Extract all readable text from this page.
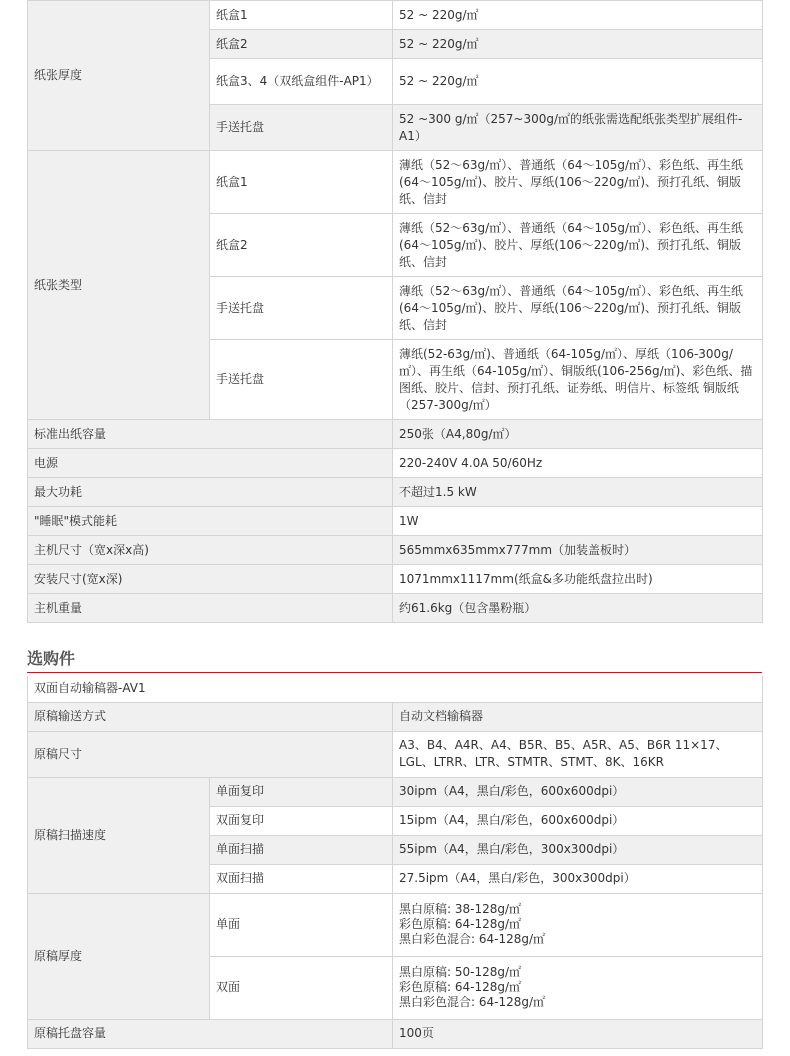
纸张厚度	纸盒1	52 ~ 220g/㎡
	纸盒2	52 ~ 220g/㎡
	纸盒3、4（双纸盒组件-AP1）	52 ~ 220g/㎡
	手送托盘	52 ~300 g/㎡（257~300g/㎡的纸张需选配纸张类型扩展组件-A1）
纸张类型	纸盒1	薄纸（52～63g/㎡）、普通纸（64～105g/㎡）、彩色纸、再生纸(64～105g/㎡)、胶片、厚纸(106～220g/㎡)、预打孔纸、铜版纸、信封
	纸盒2	薄纸（52～63g/㎡）、普通纸（64～105g/㎡）、彩色纸、再生纸(64～105g/㎡)、胶片、厚纸(106～220g/㎡)、预打孔纸、铜版纸、信封
	手送托盘	薄纸（52～63g/㎡）、普通纸（64～105g/㎡）、彩色纸、再生纸(64～105g/㎡)、胶片、厚纸(106～220g/㎡)、预打孔纸、铜版纸、信封
	手送托盘	薄纸(52-63g/㎡)、普通纸（64-105g/㎡）、厚纸（106-300g/㎡）、再生纸（64-105g/㎡）、铜版纸(106-256g/㎡)、彩色纸、描图纸、胶片、信封、预打孔纸、证券纸、明信片、标签纸 铜版纸（257-300g/㎡）
标准出纸容量		250张（A4,80g/㎡）
电源		220-240V 4.0A 50/60Hz
最大功耗		不超过1.5 kW
"睡眠"模式能耗		1W
主机尺寸（宽x深x高)		565mmx635mmx777mm（加装盖板时）
安装尺寸(宽x深)		1071mmx1117mm(纸盒&多功能纸盘拉出时)
主机重量		约61.6kg（包含墨粉瓶）
选购件
双面自动输稿器-AV1		
原稿输送方式		自动文档输稿器
原稿尺寸		A3、B4、A4R、A4、B5R、B5、A5R、A5、B6R 11×17、LGL、LTRR、LTR、STMTR、STMT、8K、16KR
原稿扫描速度	单面复印	30ipm（A4，黑白/彩色，600x600dpi）
	双面复印	15ipm（A4，黑白/彩色，600x600dpi）
	单面扫描	55ipm（A4，黑白/彩色，300x300dpi）
	双面扫描	27.5ipm（A4，黑白/彩色，300x300dpi）
原稿厚度	单面	黑白原稿: 38-128g/㎡
彩色原稿: 64-128g/㎡
黑白彩色混合: 64-128g/㎡

	双面	黑白原稿: 50-128g/㎡
彩色原稿: 64-128g/㎡
黑白彩色混合: 64-128g/㎡

原稿托盘容量		100页
